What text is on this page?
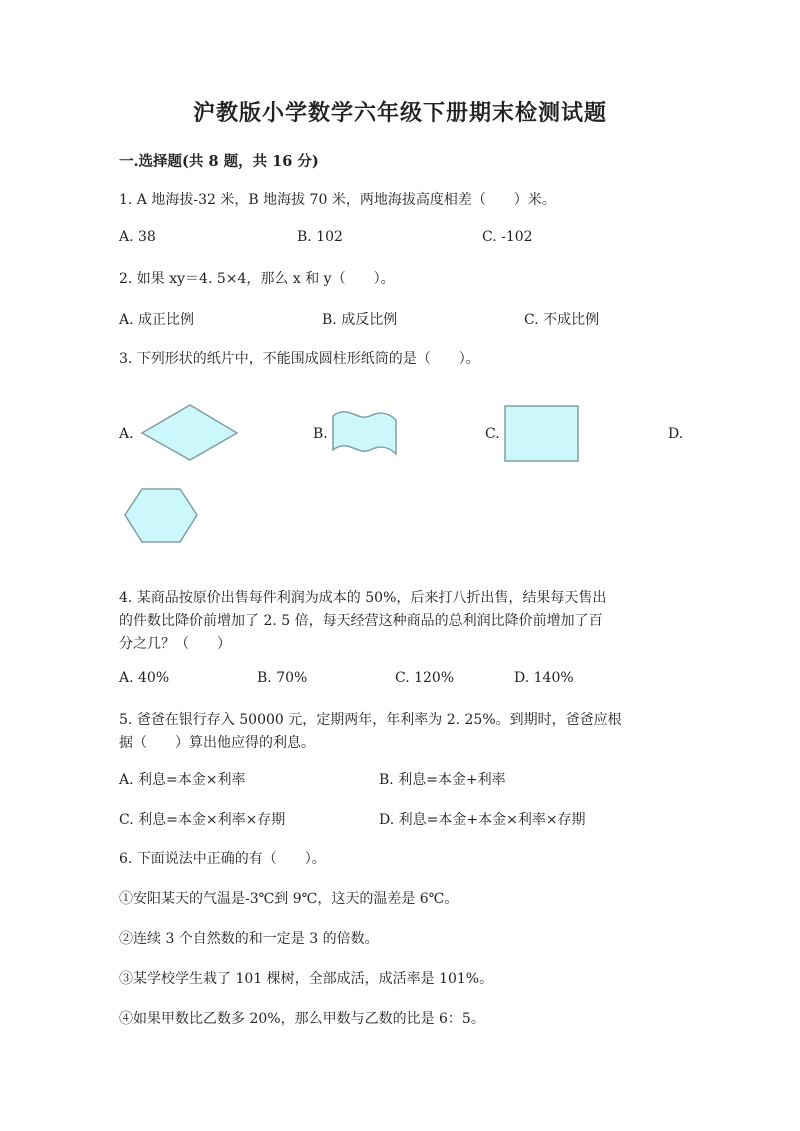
沪教版小学数学六年级下册期末检测试题
一.选择题(共 8 题，共 16 分)
1. A 地海拔-32 米，B 地海拔 70 米，两地海拔高度相差（　　）米。
A. 38	B. 102	C. -102
2. 如果 xy＝4. 5×4，那么 x 和 y（　　）。
A. 成正比例	B. 成反比例	C. 不成比例
3. 下列形状的纸片中，不能围成圆柱形纸筒的是（　　）。
A.	B.	C.	D.
4. 某商品按原价出售每件利润为成本的 50%，后来打八折出售，结果每天售出
的件数比降价前增加了 2. 5 倍，每天经营这种商品的总利润比降价前增加了百
分之几？（　　）
A. 40%	B. 70%	C. 120%	D. 140%
5. 爸爸在银行存入 50000 元，定期两年，年利率为 2. 25%。到期时，爸爸应根
据（　　）算出他应得的利息。
A. 利息=本金×利率	B. 利息=本金+利率
C. 利息=本金×利率×存期	D. 利息=本金+本金×利率×存期
6. 下面说法中正确的有（　　）。
①安阳某天的气温是-3℃到 9℃，这天的温差是 6℃。
②连续 3 个自然数的和一定是 3 的倍数。
③某学校学生栽了 101 棵树，全部成活，成活率是 101%。
④如果甲数比乙数多 20%，那么甲数与乙数的比是 6：5。
